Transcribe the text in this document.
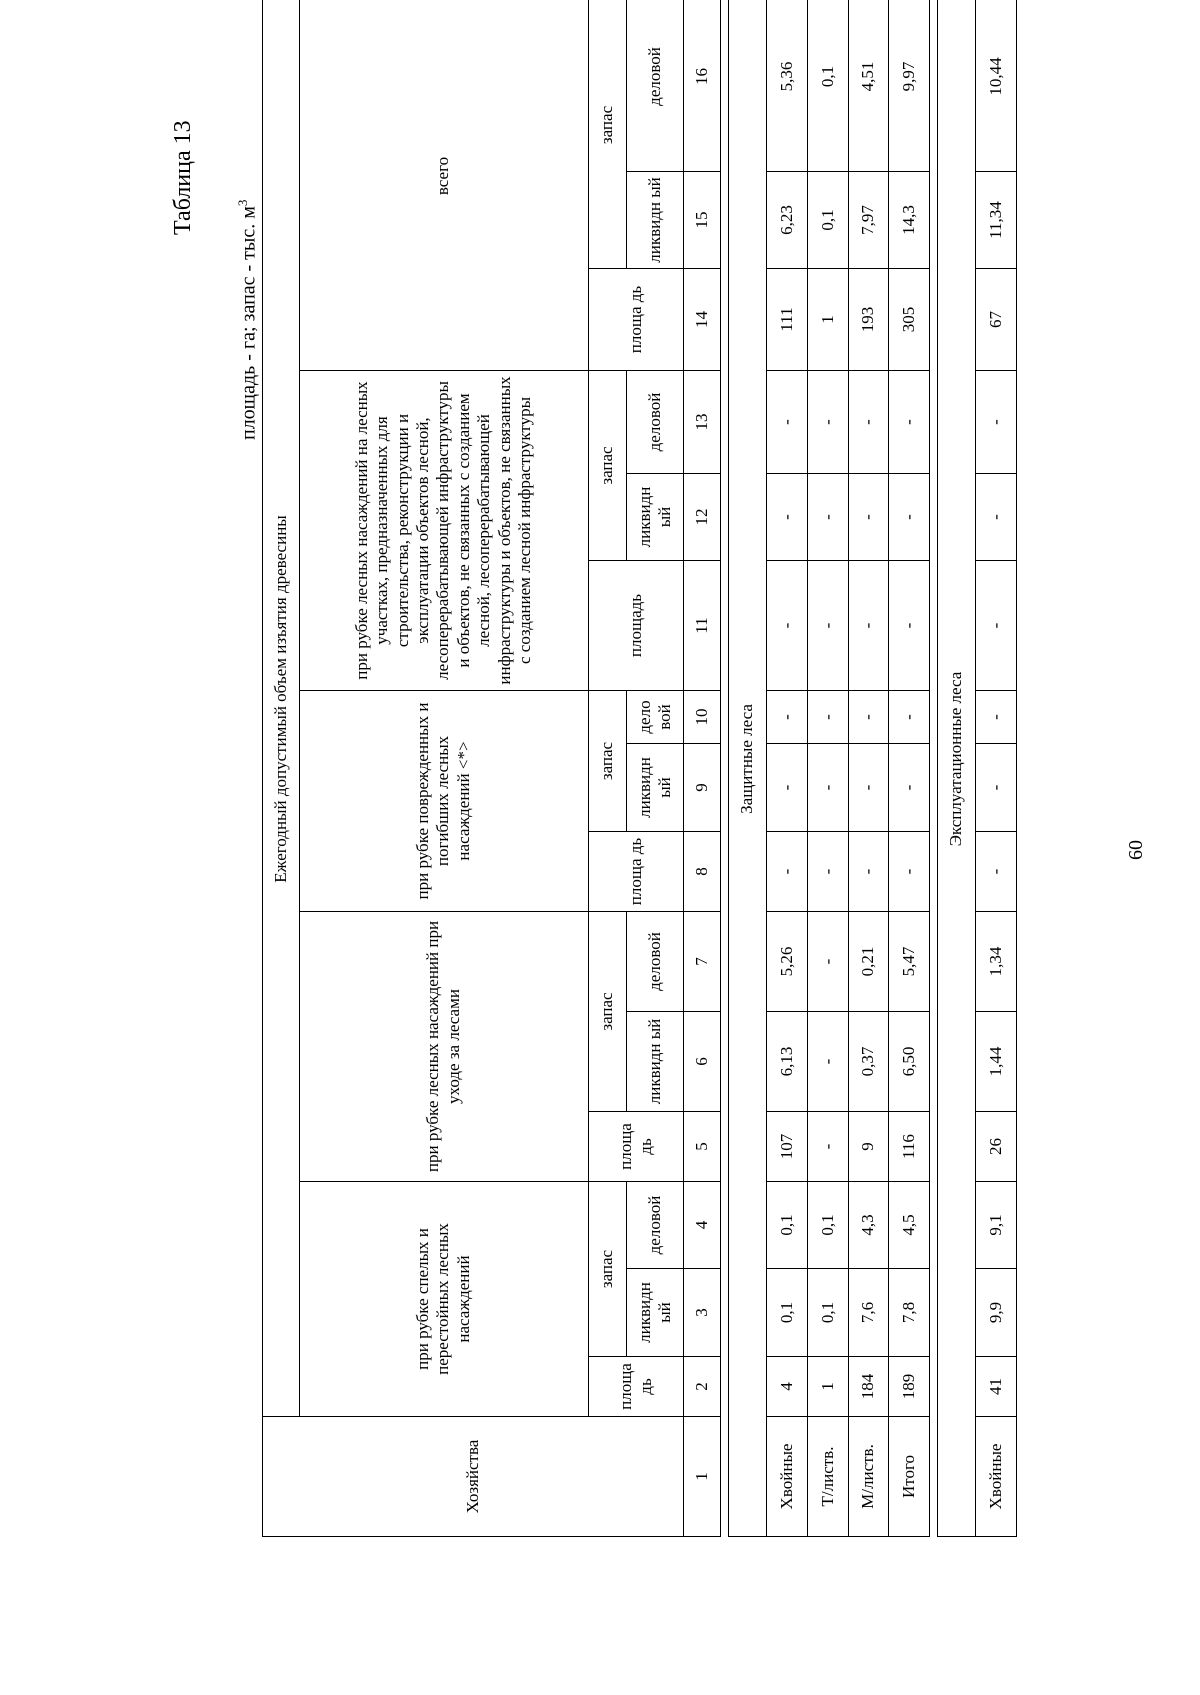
Таблица 13
площадь - га; запас - тыс. $м^3$
Хозяйства	Ежегодный допустимый объем изъятия древесины														
	при рубке спелых и перестойных лесных насаждений			при рубке лесных насаждений при уходе за лесами			при рубке поврежденных и погибших лесных насаждений <*>			при рубке лесных насаждений на лесных участках, предназначенных для строительства, реконструкции и эксплуатации объектов лесной, лесоперерабатывающей инфраструктуры и объектов, не связанных с созданием лесной, лесоперерабатывающей инфраструктуры и объектов, не связанных с созданием лесной инфраструктуры			всего		
	площа дь	запас		площа дь	запас		площа дь	запас		площадь	запас		площа дь	запас	
		ликвидн ый	деловой		ликвидн ый	деловой		ликвидн ый	дело вой		ликвидн ый	деловой		ликвидн ый	деловой
1	2	3	4	5	6	7	8	9	10	11	12	13	14	15	16

Защитные леса															
Хвойные	4	0,1	0,1	107	6,13	5,26	-	-	-	-	-	-	111	6,23	5,36
Т/листв.	1	0,1	0,1	-	-	-	-	-	-	-	-	-	1	0,1	0,1
М/листв.	184	7,6	4,3	9	0,37	0,21	-	-	-	-	-	-	193	7,97	4,51
Итого	189	7,8	4,5	116	6,50	5,47	-	-	-	-	-	-	305	14,3	9,97

Эксплуатационные леса															
Хвойные	41	9,9	9,1	26	1,44	1,34	-	-	-	-	-	-	67	11,34	10,44
60
